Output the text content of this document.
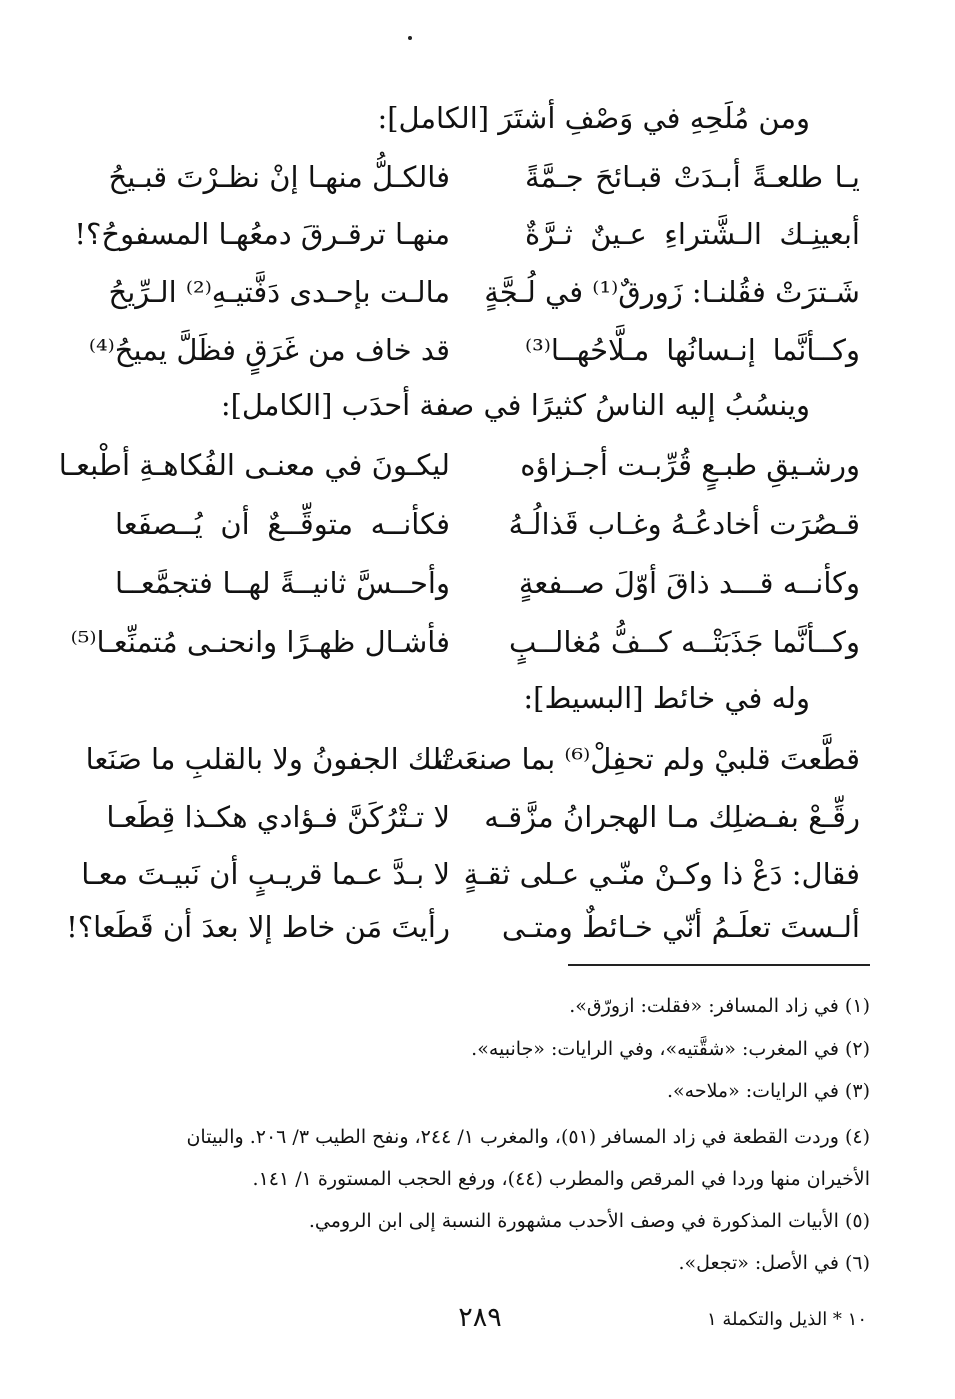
ومن مُلَحِهِ في وَصْفِ أشتَرَ [الكامل]:
يـا طلعـةً أبـدَتْ قبـائحَ جـمَّةً
فالكـلُّ منهـا إنْ نظـرْتَ قبـيحُ
أبعينِـك الـشَّتراءِ عـينٌ ثـرَّةٌ
منهـا ترقـرقَ دمعُهـا المسفوحُ؟!
شَـترَتْ فقُلنـا: زَورقٌ⁽¹⁾ في لُـجَّةٍ
مالـت بإحـدى دَفَّتيـهِ⁽²⁾ الـرِّيحُ
وكــأنَّما إنـسانُها مـلَّاحُهــا⁽³⁾
قد خاف من غَرَقٍ فظَلَّ يميحُ⁽⁴⁾
وينسُبُ إليه الناسُ كثيرًا في صفة أحدَب [الكامل]:
ورشـيقِ طبـعٍ قُرِّبـت أجـزاؤه
ليكـونَ في معنـى الفُكاهـةِ أطْبعـا
قـصُرَت أخادعُـهُ وغـاب قَذالُـهُ
فكأنــه متوقِّــعٌ أن يُــصفَعا
وكأنــه قـــد ذاقَ أوّلَ صــفعةٍ
وأحــسَّ ثانيــةً لهــا فتجمَّعــا
وكــأنَّما جَذَبَتْــه كــفُّ مُغالــبٍ
فأشـال ظهـرًا وانحنـى مُتمنِّعـا⁽⁵⁾
وله في خائط [البسيط]:
قطَّعتَ قلبيْ ولم تحفِلْ⁽⁶⁾ بما صنعَتْ
تلك الجفونُ ولا بالقلبِ ما صَنَعا
رقِّـعْ بفـضلِك مـا الهجرانُ مزَّقـه
لا تـتْرُكَنَّ فـؤادي هكـذا قِطَعـا
فقال: دَعْ ذا وكـنْ منّـي عـلى ثقـةٍ
لا بـدَّ عـما قريـبٍ أن نَبيـتَ معـا
ألـستَ تعلَـمُ أنّي خـائطٌ ومتـى
رأيتَ مَن خاط إلا بعدَ أن قَطَعا؟!
(١) في زاد المسافر: «فقلت: ازورّق».
(٢) في المغرب: «شقَّتيه»، وفي الرايات: «جانبيه».
(٣) في الرايات: «ملاحه».
(٤) وردت القطعة في زاد المسافر (٥١)، والمغرب ١/ ٢٤٤، ونفح الطيب ٣/ ٢٠٦. والبيتان
الأخيران منها وردا في المرقص والمطرب (٤٤)، ورفع الحجب المستورة ١/ ١٤١.
(٥) الأبيات المذكورة في وصف الأحدب مشهورة النسبة إلى ابن الرومي.
(٦) في الأصل: «تجعل».
٢٨٩	١٠ * الذيل والتكملة ١
